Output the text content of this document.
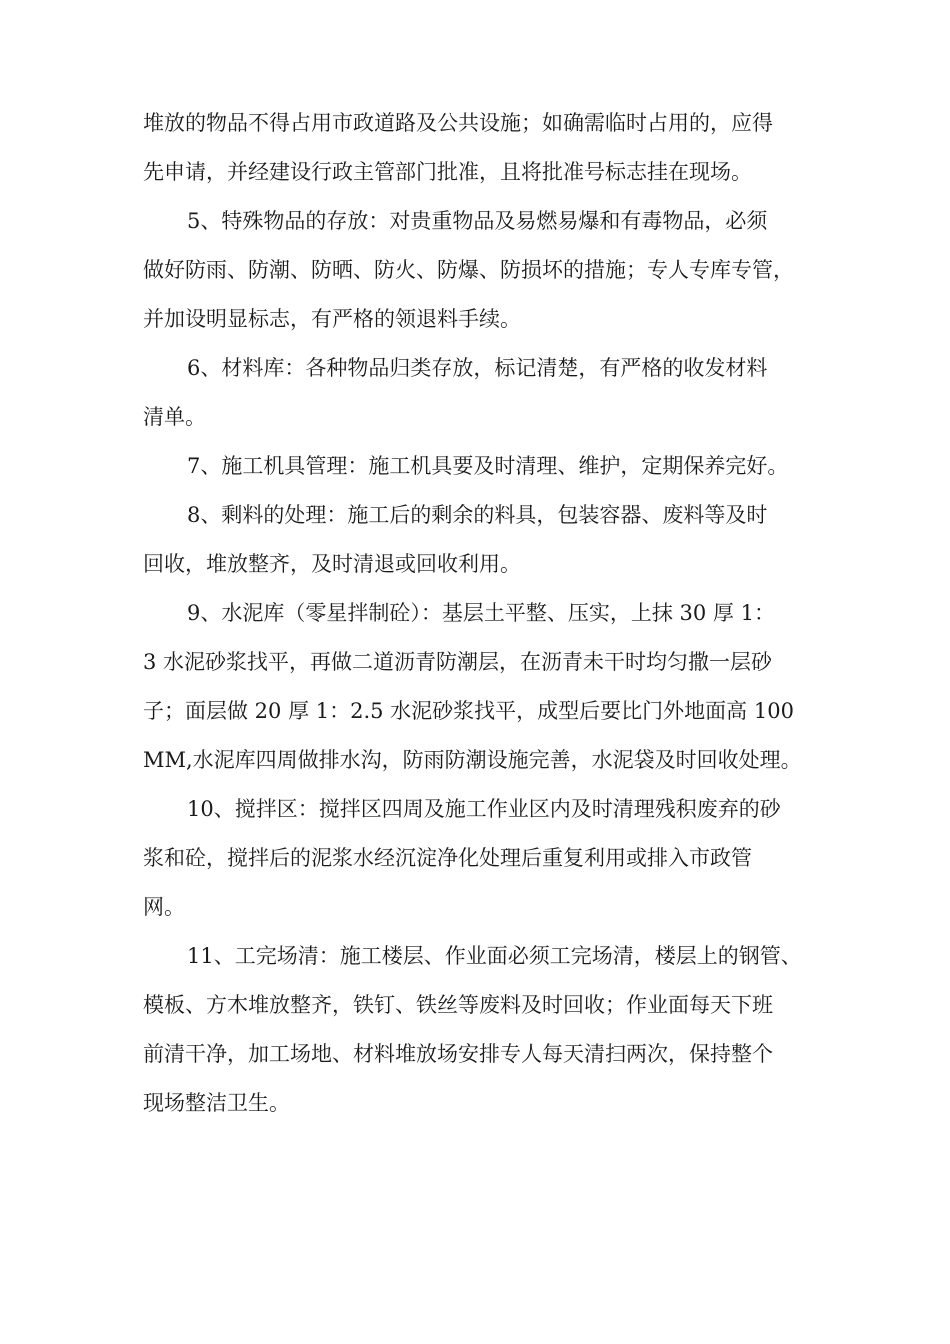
堆放的物品不得占用市政道路及公共设施；如确需临时占用的，应得
先申请，并经建设行政主管部门批准，且将批准号标志挂在现场。
5、特殊物品的存放：对贵重物品及易燃易爆和有毒物品，必须
做好防雨、防潮、防晒、防火、防爆、防损坏的措施；专人专库专管，
并加设明显标志，有严格的领退料手续。
6、材料库：各种物品归类存放，标记清楚，有严格的收发材料
清单。
7、施工机具管理：施工机具要及时清理、维护，定期保养完好。
8、剩料的处理：施工后的剩余的料具，包装容器、废料等及时
回收，堆放整齐，及时清退或回收利用。
9、水泥库（零星拌制砼）：基层土平整、压实，上抹 30 厚 1：
3 水泥砂浆找平，再做二道沥青防潮层，在沥青未干时均匀撒一层砂
子；面层做 20 厚 1：2.5 水泥砂浆找平，成型后要比门外地面高 100
MM,水泥库四周做排水沟，防雨防潮设施完善，水泥袋及时回收处理。
10、搅拌区：搅拌区四周及施工作业区内及时清理残积废弃的砂
浆和砼，搅拌后的泥浆水经沉淀净化处理后重复利用或排入市政管
网。
11、工完场清：施工楼层、作业面必须工完场清，楼层上的钢管、
模板、方木堆放整齐，铁钉、铁丝等废料及时回收；作业面每天下班
前清干净，加工场地、材料堆放场安排专人每天清扫两次，保持整个
现场整洁卫生。
